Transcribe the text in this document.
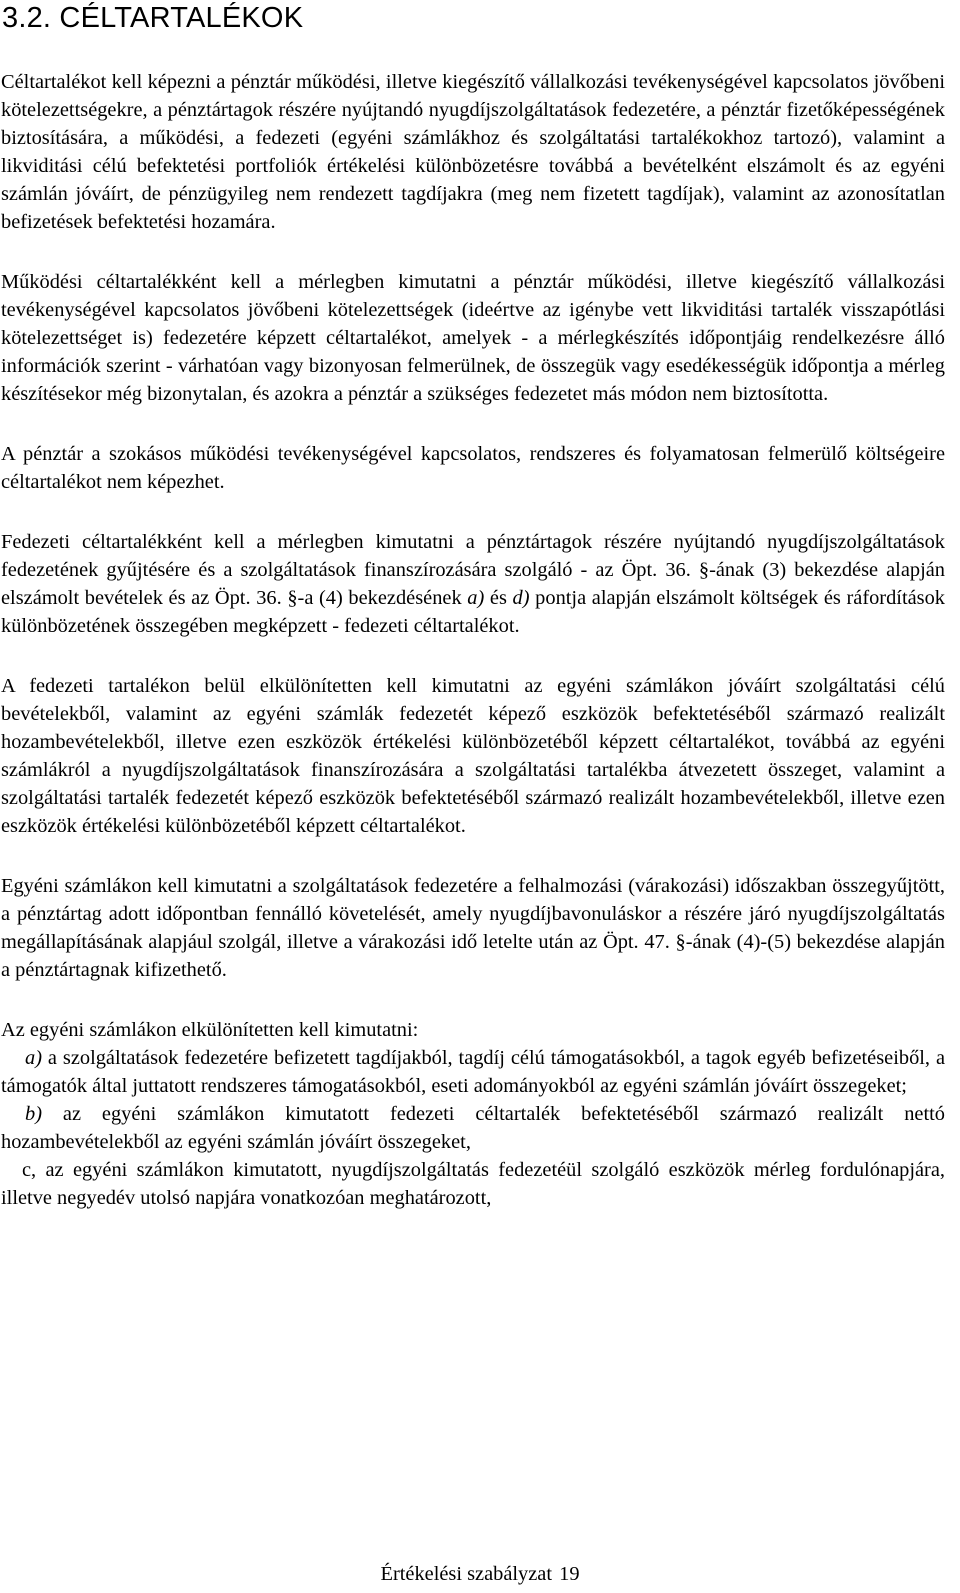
3.2. CÉLTARTALÉKOK

Céltartalékot kell képezni a pénztár működési, illetve kiegészítő vállalkozási tevékenységével kapcsolatos jövőbeni kötelezettségekre, a pénztártagok részére nyújtandó nyugdíjszolgáltatások fedezetére, a pénztár fizetőképességének biztosítására, a működési, a fedezeti (egyéni számlákhoz és szolgáltatási tartalékokhoz tartozó), valamint a likviditási célú befektetési portfoliók értékelési különbözetésre továbbá a bevételként elszámolt és az egyéni számlán jóváírt, de pénzügyileg nem rendezett tagdíjakra (meg nem fizetett tagdíjak), valamint az azonosítatlan befizetések befektetési hozamára.

Működési céltartalékként kell a mérlegben kimutatni a pénztár működési, illetve kiegészítő vállalkozási tevékenységével kapcsolatos jövőbeni kötelezettségek (ideértve az igénybe vett likviditási tartalék visszapótlási kötelezettséget is) fedezetére képzett céltartalékot, amelyek - a mérlegkészítés időpontjáig rendelkezésre álló információk szerint - várhatóan vagy bizonyosan felmerülnek, de összegük vagy esedékességük időpontja a mérleg készítésekor még bizonytalan, és azokra a pénztár a szükséges fedezetet más módon nem biztosította.

A pénztár a szokásos működési tevékenységével kapcsolatos, rendszeres és folyamatosan felmerülő költségeire céltartalékot nem képezhet.

Fedezeti céltartalékként kell a mérlegben kimutatni a pénztártagok részére nyújtandó nyugdíjszolgáltatások fedezetének gyűjtésére és a szolgáltatások finanszírozására szolgáló - az Öpt. 36. §-ának (3) bekezdése alapján elszámolt bevételek és az Öpt. 36. §-a (4) bekezdésének a) és d) pontja alapján elszámolt költségek és ráfordítások különbözetének összegében megképzett - fedezeti céltartalékot.

A fedezeti tartalékon belül elkülönítetten kell kimutatni az egyéni számlákon jóváírt szolgáltatási célú bevételekből, valamint az egyéni számlák fedezetét képező eszközök befektetéséből származó realizált hozambevételekből, illetve ezen eszközök értékelési különbözetéből képzett céltartalékot, továbbá az egyéni számlákról a nyugdíjszolgáltatások finanszírozására a szolgáltatási tartalékba átvezetett összeget, valamint a szolgáltatási tartalék fedezetét képező eszközök befektetéséből származó realizált hozambevételekből, illetve ezen eszközök értékelési különbözetéből képzett céltartalékot.

Egyéni számlákon kell kimutatni a szolgáltatások fedezetére a felhalmozási (várakozási) időszakban összegyűjtött, a pénztártag adott időpontban fennálló követelését, amely nyugdíjbavonuláskor a részére járó nyugdíjszolgáltatás megállapításának alapjául szolgál, illetve a várakozási idő letelte után az Öpt. 47. §-ának (4)-(5) bekezdése alapján a pénztártagnak kifizethető.

Az egyéni számlákon elkülönítetten kell kimutatni:

a) a szolgáltatások fedezetére befizetett tagdíjakból, tagdíj célú támogatásokból, a tagok egyéb befizetéseiből, a támogatók által juttatott rendszeres támogatásokból, eseti adományokból az egyéni számlán jóváírt összegeket;

b) az egyéni számlákon kimutatott fedezeti céltartalék befektetéséből származó realizált nettó hozambevételekből az egyéni számlán jóváírt összegeket,

c, az egyéni számlákon kimutatott, nyugdíjszolgáltatás fedezetéül szolgáló eszközök mérleg fordulónapjára, illetve negyedév utolsó napjára vonatkozóan meghatározott,

Értékelési szabályzat 19
